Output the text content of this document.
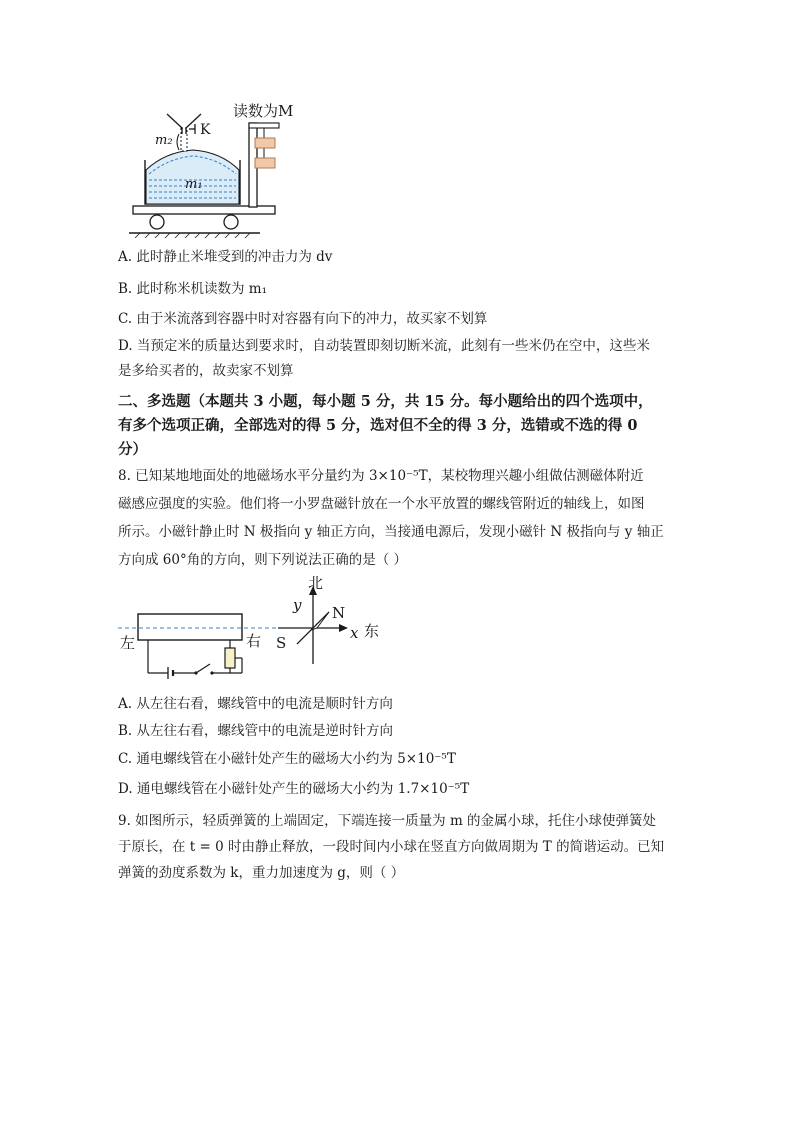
K
m₂
m₁
读数为M
A. 此时静止米堆受到的冲击力为 dv
B. 此时称米机读数为 m₁
C. 由于米流落到容器中时对容器有向下的冲力，故买家不划算
D. 当预定米的质量达到要求时，自动装置即刻切断米流，此刻有一些米仍在空中，这些米
是多给买者的，故卖家不划算
二、多选题（本题共 3 小题，每小题 5 分，共 15 分。每小题给出的四个选项中，
有多个选项正确，全部选对的得 5 分，选对但不全的得 3 分，选错或不选的得 0
分）
8. 已知某地地面处的地磁场水平分量约为 3×10⁻⁵T，某校物理兴趣小组做估测磁体附近
磁感应强度的实验。他们将一小罗盘磁针放在一个水平放置的螺线管附近的轴线上，如图
所示。小磁针静止时 N 极指向 y 轴正方向，当接通电源后，发现小磁针 N 极指向与 y 轴正
方向成 60°角的方向，则下列说法正确的是（ ）
左	右
北
y
x 东
N
S
A. 从左往右看，螺线管中的电流是顺时针方向
B. 从左往右看，螺线管中的电流是逆时针方向
C. 通电螺线管在小磁针处产生的磁场大小约为 5×10⁻⁵T
D. 通电螺线管在小磁针处产生的磁场大小约为 1.7×10⁻⁵T
9. 如图所示，轻质弹簧的上端固定，下端连接一质量为 m 的金属小球，托住小球使弹簧处
于原长，在 t = 0 时由静止释放，一段时间内小球在竖直方向做周期为 T 的简谐运动。已知
弹簧的劲度系数为 k，重力加速度为 g，则（ ）
